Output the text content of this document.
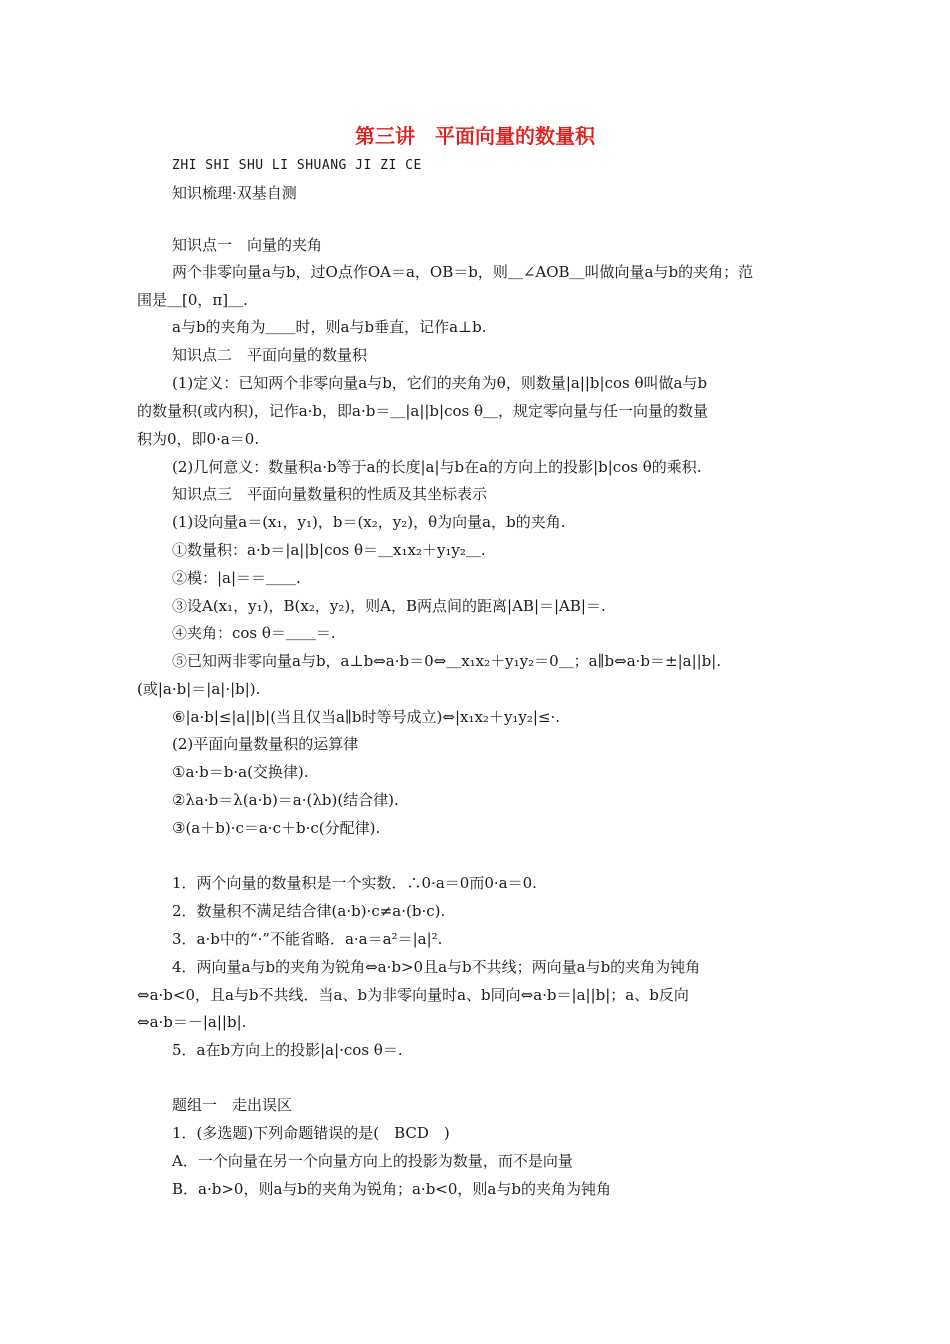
第三讲　平面向量的数量积
ZHI SHI SHU LI SHUANG JI ZI CE
知识梳理·双基自测
知识点一　向量的夹角
两个非零向量a与b，过O点作OA＝a，OB＝b，则＿∠AOB＿叫做向量a与b的夹角；范
围是＿[0，π]＿.
a与b的夹角为＿＿时，则a与b垂直，记作a⊥b.
知识点二　平面向量的数量积
(1)定义：已知两个非零向量a与b，它们的夹角为θ，则数量|a||b|cos θ叫做a与b
的数量积(或内积)，记作a·b，即a·b＝＿|a||b|cos θ＿，规定零向量与任一向量的数量
积为0，即0·a＝0.
(2)几何意义：数量积a·b等于a的长度|a|与b在a的方向上的投影|b|cos θ的乘积.
知识点三　平面向量数量积的性质及其坐标表示
(1)设向量a＝(x₁，y₁)，b＝(x₂，y₂)，θ为向量a，b的夹角.
①数量积：a·b＝|a||b|cos θ＝＿x₁x₂＋y₁y₂＿.
②模：|a|＝＝＿＿.
③设A(x₁，y₁)，B(x₂，y₂)，则A，B两点间的距离|AB|＝|AB|＝.
④夹角：cos θ＝＿＿＝.
⑤已知两非零向量a与b，a⊥b⇔a·b＝0⇔＿x₁x₂＋y₁y₂＝0＿；a∥b⇔a·b＝±|a||b|.
(或|a·b|＝|a|·|b|).
⑥|a·b|≤|a||b|(当且仅当a∥b时等号成立)⇔|x₁x₂＋y₁y₂|≤·.
(2)平面向量数量积的运算律
①a·b＝b·a(交换律).
②λa·b＝λ(a·b)＝a·(λb)(结合律).
③(a＋b)·c＝a·c＋b·c(分配律).
1．两个向量的数量积是一个实数．∴0·a＝0而0·a＝0.
2．数量积不满足结合律(a·b)·c≠a·(b·c).
3．a·b中的“·”不能省略．a·a＝a²＝|a|².
4．两向量a与b的夹角为锐角⇔a·b>0且a与b不共线；两向量a与b的夹角为钝角
⇔a·b<0，且a与b不共线．当a、b为非零向量时a、b同向⇔a·b＝|a||b|；a、b反向
⇔a·b＝－|a||b|.
5．a在b方向上的投影|a|·cos θ＝.
题组一　走出误区
1．(多选题)下列命题错误的是(　BCD　)
A．一个向量在另一个向量方向上的投影为数量，而不是向量
B．a·b>0，则a与b的夹角为锐角；a·b<0，则a与b的夹角为钝角
